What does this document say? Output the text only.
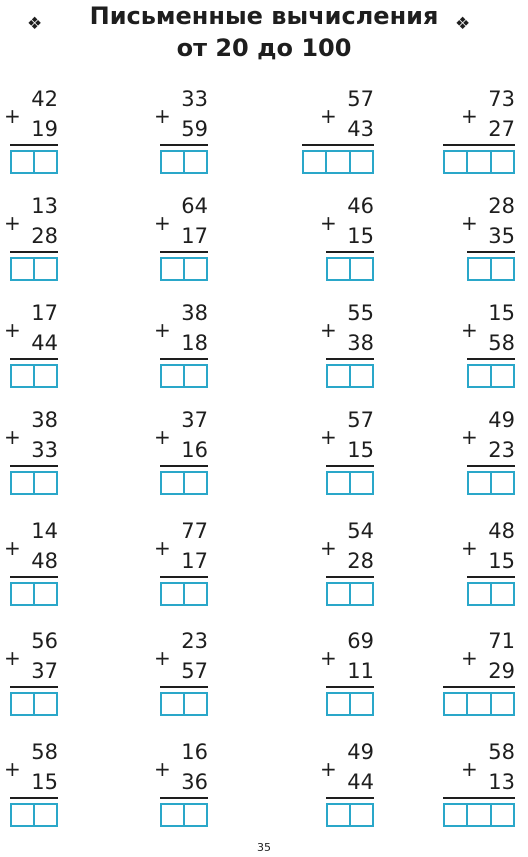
Письменные вычисления
от 20 до 100
❖	❖
+
42
19
+
33
59
+
57
43
+
73
27
+
13
28
+
64
17
+
46
15
+
28
35
+
17
44
+
38
18
+
55
38
+
15
58
+
38
33
+
37
16
+
57
15
+
49
23
+
14
48
+
77
17
+
54
28
+
48
15
+
56
37
+
23
57
+
69
11
+
71
29
+
58
15
+
16
36
+
49
44
+
58
13
35
